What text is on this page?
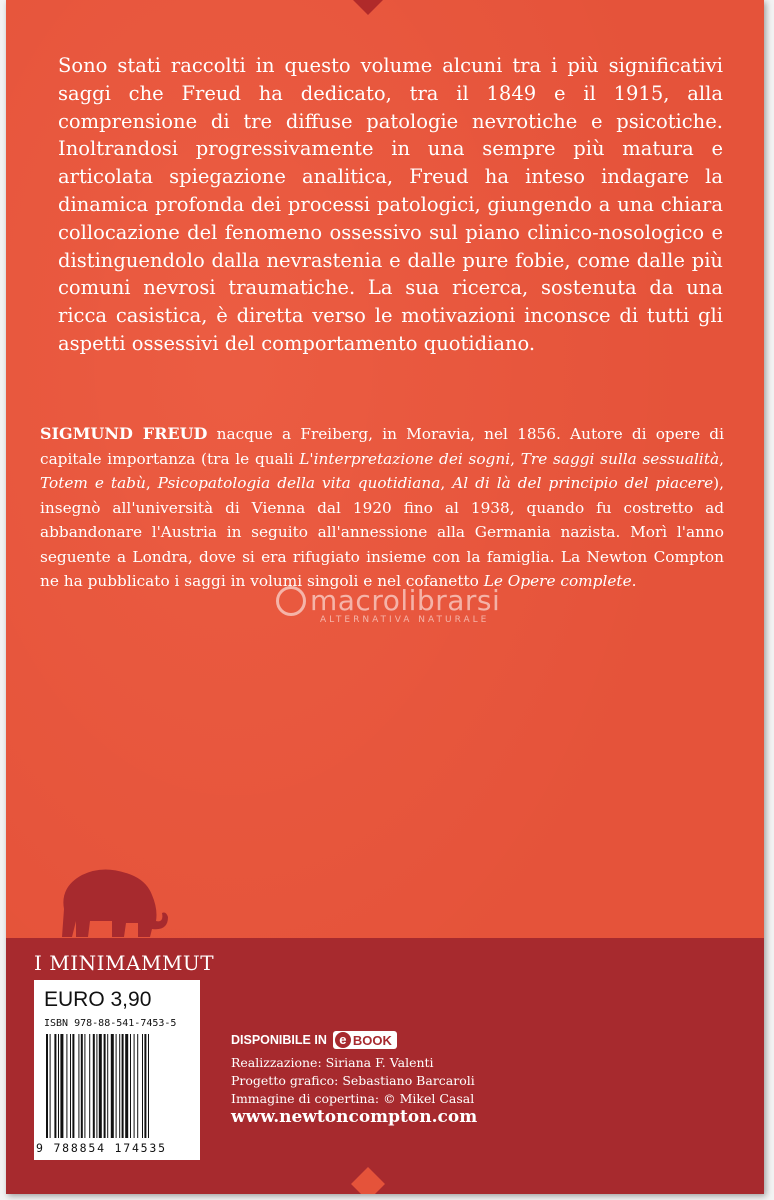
Sono stati raccolti in questo volume alcuni tra i più significativi saggi che Freud ha dedicato, tra il 1849 e il 1915, alla comprensione di tre diffuse patologie nevrotiche e psicotiche. Inoltrandosi progressivamente in una sempre più matura e articolata spiegazione analitica, Freud ha inteso indagare la dinamica profonda dei processi patologici, giungendo a una chiara collocazione del fenomeno ossessivo sul piano clinico-nosologico e distinguendolo dalla nevrastenia e dalle pure fobie, come dalle più comuni nevrosi traumatiche. La sua ricerca, sostenuta da una ricca casistica, è diretta verso le motivazioni inconsce di tutti gli aspetti ossessivi del comportamento quotidiano.

SIGMUND FREUD nacque a Freiberg, in Moravia, nel 1856. Autore di opere di capitale importanza (tra le quali L'interpretazione dei sogni, Tre saggi sulla sessualità, Totem e tabù, Psicopatologia della vita quotidiana, Al di là del principio del piacere), insegnò all'università di Vienna dal 1920 fino al 1938, quando fu costretto ad abbandonare l'Austria in seguito all'annessione alla Germania nazista. Morì l'anno seguente a Londra, dove si era rifugiato insieme con la famiglia. La Newton Compton ne ha pubblicato i saggi in volumi singoli e nel cofanetto Le Opere complete.

macrolibrarsi
ALTERNATIVA NATURALE
I MINIMAMMUT
EURO 3,90
ISBN 978-88-541-7453-5
9 788854 174535
MMM075
DISPONIBILE IN e BOOK
Realizzazione: Siriana F. Valenti
Progetto grafico: Sebastiano Barcaroli
Immagine di copertina: © Mikel Casal
www.newtoncompton.com
